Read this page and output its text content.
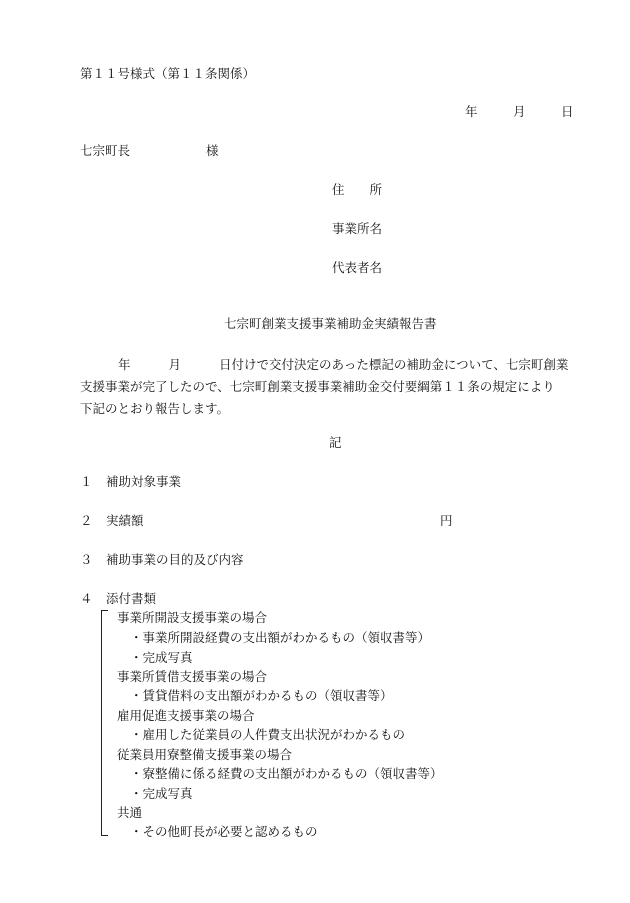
第１１号様式（第１１条関係）
年	月	日
七宗町長	様
住　　所
事業所名
代表者名
七宗町創業支援事業補助金実績報告書
年	月	日付けで交付決定のあった標記の補助金について、七宗町創業
支援事業が完了したので、七宗町創業支援事業補助金交付要綱第１１条の規定により
下記のとおり報告します。
記
１ 補助対象事業
２ 実績額	円
３ 補助事業の目的及び内容
４ 添付書類
事業所開設支援事業の場合
・事業所開設経費の支出額がわかるもの（領収書等）
・完成写真
事業所賃借支援事業の場合
・賃貸借料の支出額がわかるもの（領収書等）
雇用促進支援事業の場合
・雇用した従業員の人件費支出状況がわかるもの
従業員用寮整備支援事業の場合
・寮整備に係る経費の支出額がわかるもの（領収書等）
・完成写真
共通
・その他町長が必要と認めるもの
